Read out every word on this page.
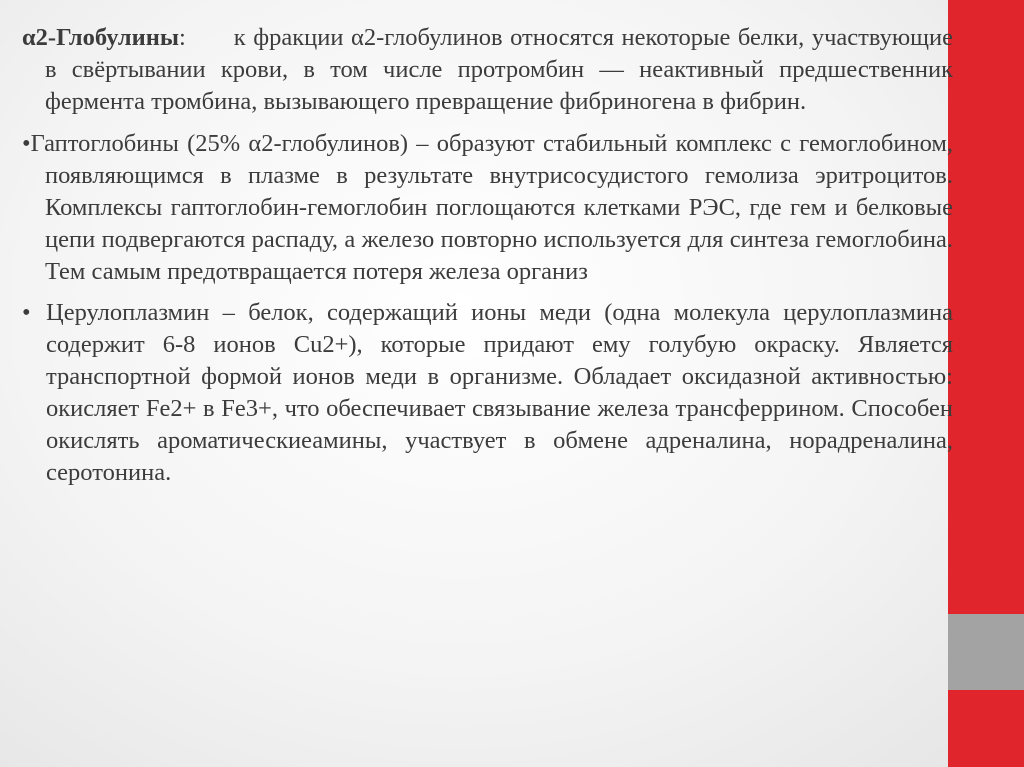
α2-Глобулины: к фракции α2-глобулинов относятся некоторые белки, участвующие в свёртывании крови, в том числе протромбин — неактивный предшественник фермента тромбина, вызывающего превращение фибриногена в фибрин.
•Гаптоглобины (25% α2-глобулинов) – образуют стабильный комплекс с гемоглобином, появляющимся в плазме в результате внутрисосудистого гемолиза эритроцитов. Комплексы гаптоглобин-гемоглобин поглощаются клетками РЭС, где гем и белковые цепи подвергаются распаду, а железо повторно используется для синтеза гемоглобина. Тем самым предотвращается потеря железа организ
• Церулоплазмин – белок, содержащий ионы меди (одна молекула церулоплазмина содержит 6-8 ионов Cu2+), которые придают ему голубую окраску. Является транспортной формой ионов меди в организме. Обладает оксидазной активностью: окисляет Fe2+ в Fe3+, что обеспечивает связывание железа трансферрином. Способен окислять ароматическиеамины, участвует в обмене адреналина, норадреналина, серотонина.
